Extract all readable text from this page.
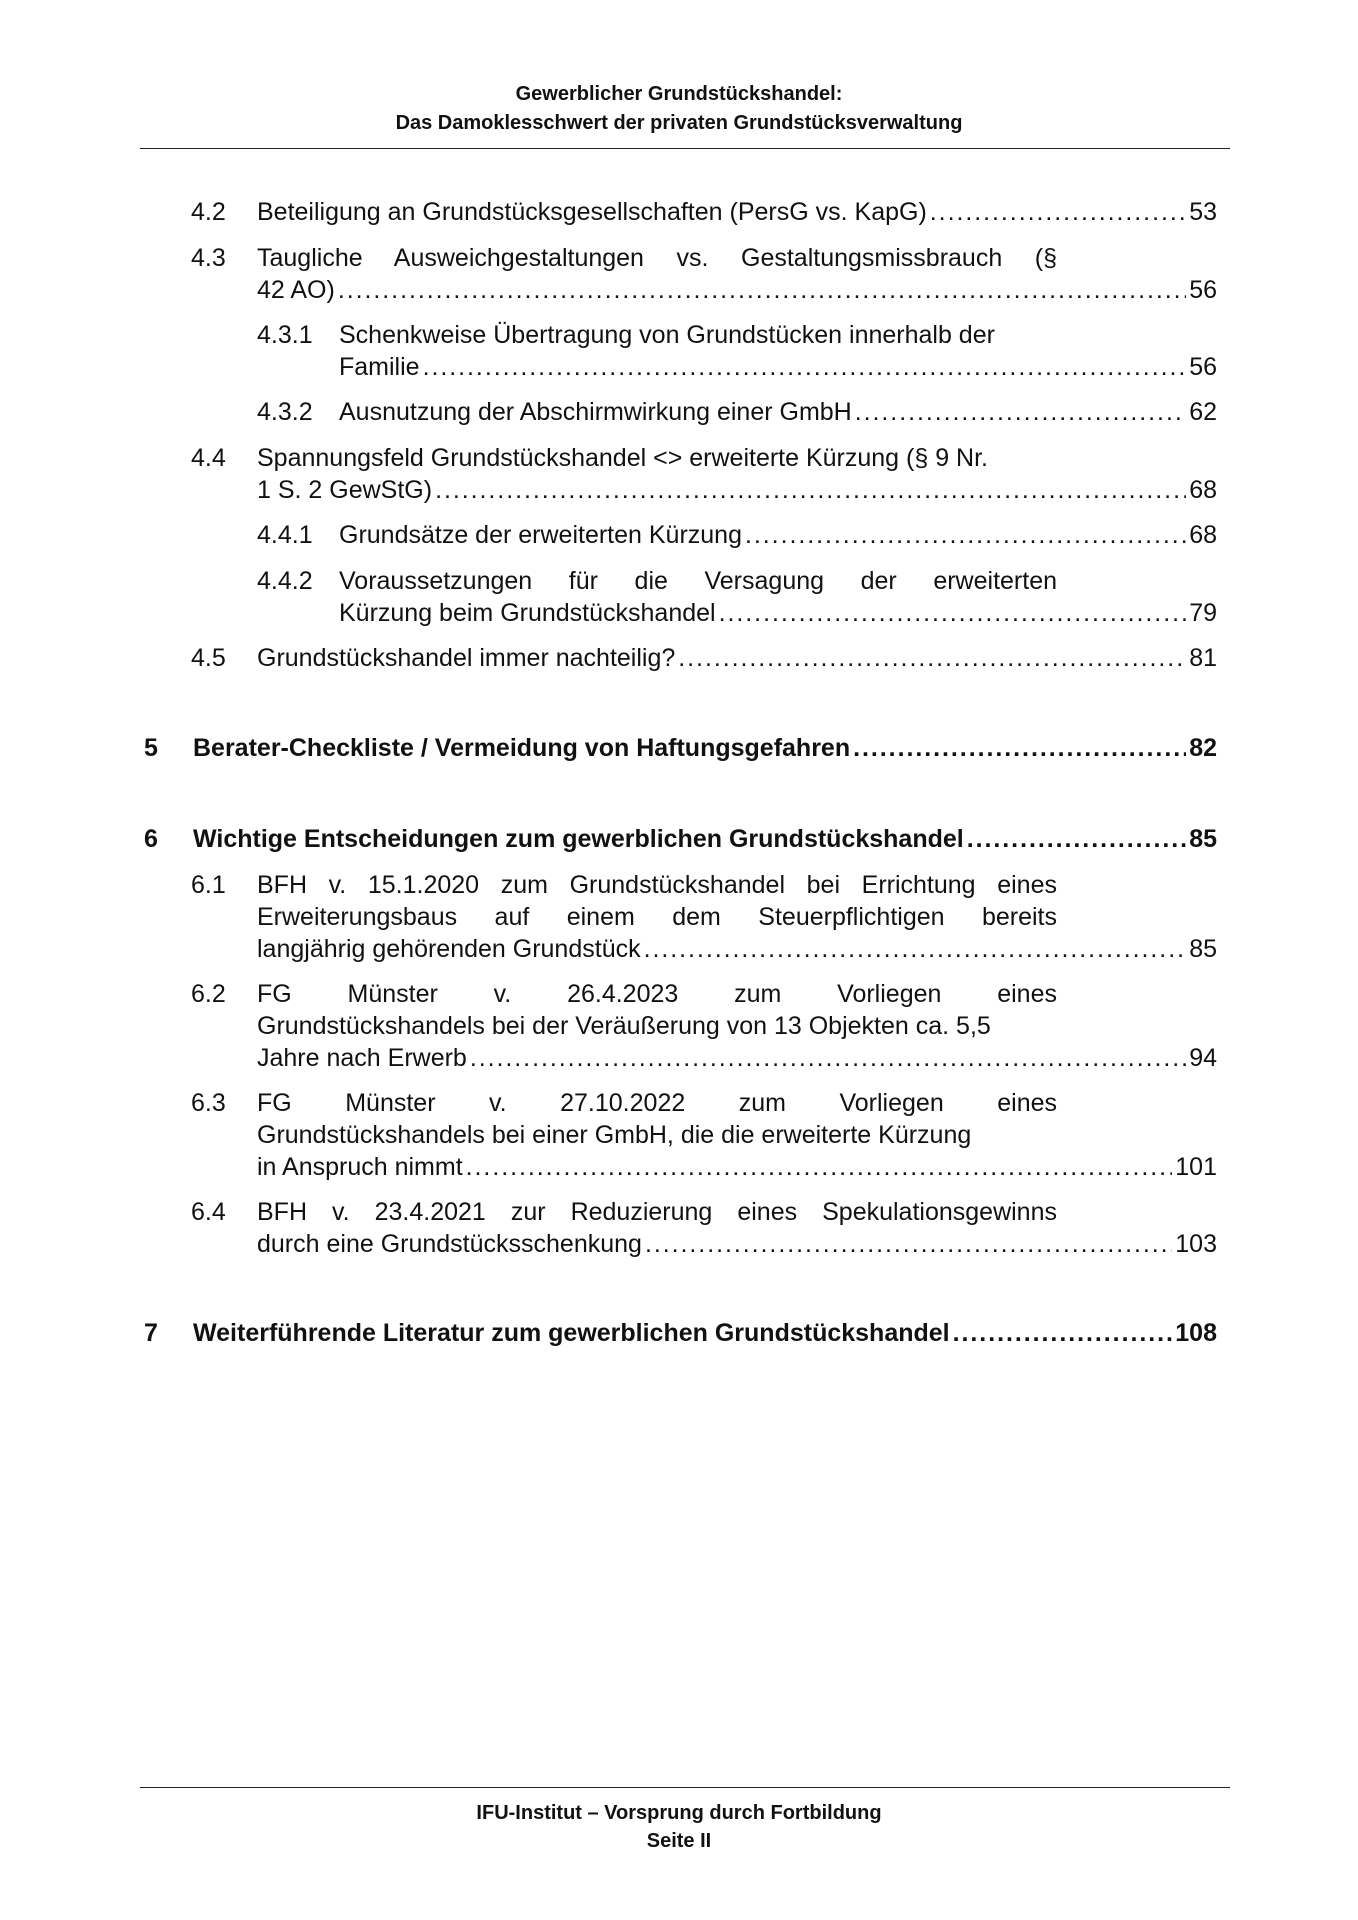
Gewerblicher Grundstückshandel:
Das Damoklesschwert der privaten Grundstücksverwaltung
4.2 Beteiligung an Grundstücksgesellschaften (PersG vs. KapG) . . .	53
4.3 Taugliche Ausweichgestaltungen vs. Gestaltungsmissbrauch (§
42 AO) . . .	56
4.3.1 Schenkweise Übertragung von Grundstücken innerhalb der
Familie . . .	56
4.3.2 Ausnutzung der Abschirmwirkung einer GmbH . . .	62
4.4 Spannungsfeld Grundstückshandel <> erweiterte Kürzung (§ 9 Nr.
1 S. 2 GewStG) . . .	68
4.4.1 Grundsätze der erweiterten Kürzung . . .	68
4.4.2 Voraussetzungen für die Versagung der erweiterten
Kürzung beim Grundstückshandel . . .	79
4.5 Grundstückshandel immer nachteilig? . . .	81
5 Berater-Checkliste / Vermeidung von Haftungsgefahren . . .	82
6 Wichtige Entscheidungen zum gewerblichen Grundstückshandel . . .	85
6.1 BFH v. 15.1.2020 zum Grundstückshandel bei Errichtung eines
Erweiterungsbaus auf einem dem Steuerpflichtigen bereits
langjährig gehörenden Grundstück . . .	85
6.2 FG Münster v. 26.4.2023 zum Vorliegen eines
Grundstückshandels bei der Veräußerung von 13 Objekten ca. 5,5
Jahre nach Erwerb . . .	94
6.3 FG Münster v. 27.10.2022 zum Vorliegen eines
Grundstückshandels bei einer GmbH, die die erweiterte Kürzung
in Anspruch nimmt . . .	101
6.4 BFH v. 23.4.2021 zur Reduzierung eines Spekulationsgewinns
durch eine Grundstücksschenkung . . .	103
7 Weiterführende Literatur zum gewerblichen Grundstückshandel . . .	108
IFU-Institut – Vorsprung durch Fortbildung
Seite II
